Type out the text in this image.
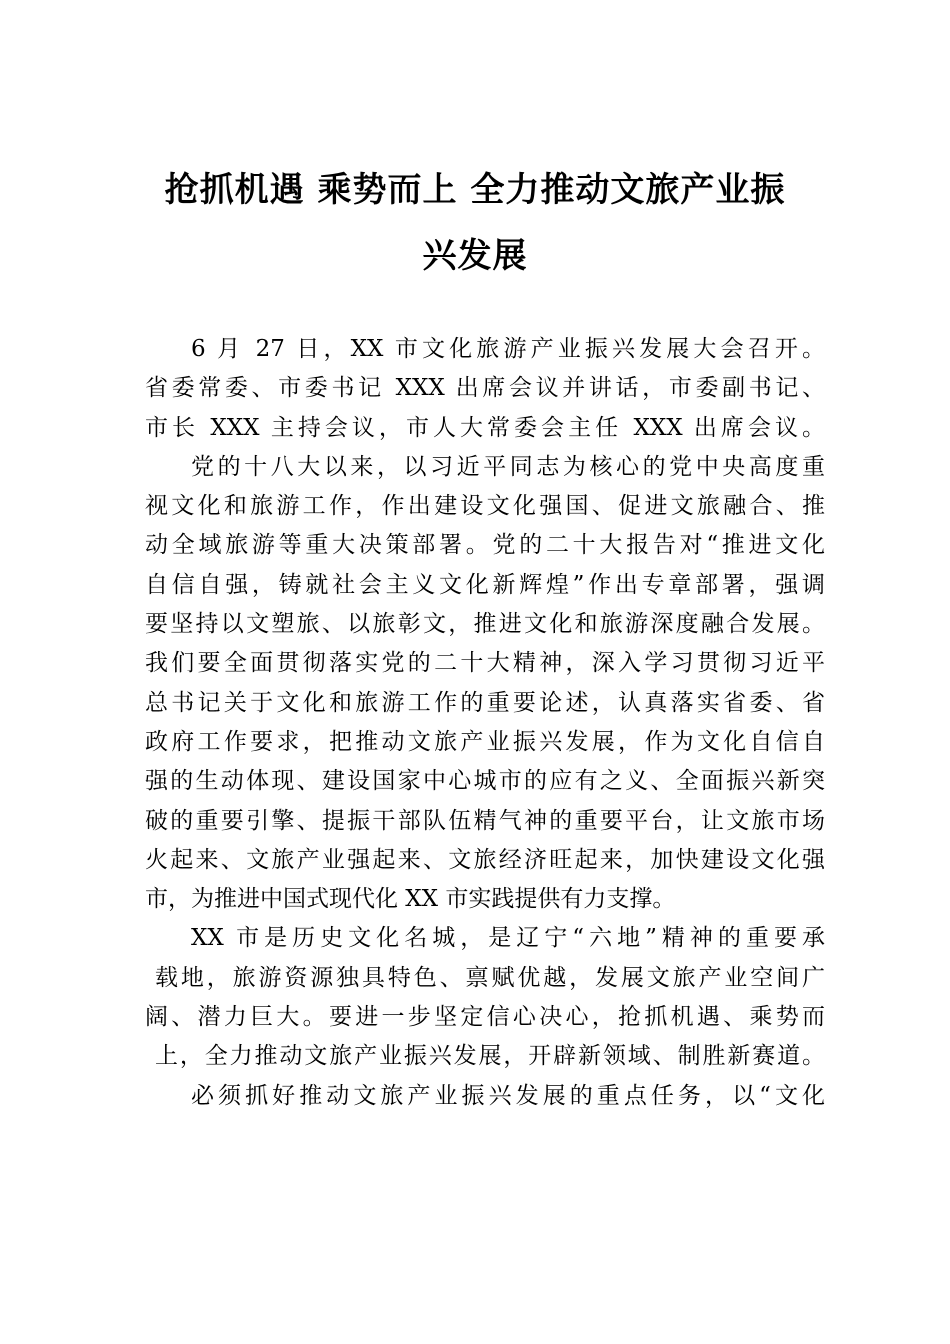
抢抓机遇 乘势而上 全力推动文旅产业振
兴发展
6 月 27 日，XX 市文化旅游产业振兴发展大会召开。
省委常委、市委书记 XXX 出席会议并讲话，市委副书记、
市长 XXX 主持会议，市人大常委会主任 XXX 出席会议。
党的十八大以来，以习近平同志为核心的党中央高度重
视文化和旅游工作，作出建设文化强国、促进文旅融合、推
动全域旅游等重大决策部署。党的二十大报告对“推进文化
自信自强，铸就社会主义文化新辉煌”作出专章部署，强调
要坚持以文塑旅、以旅彰文，推进文化和旅游深度融合发展。
我们要全面贯彻落实党的二十大精神，深入学习贯彻习近平
总书记关于文化和旅游工作的重要论述，认真落实省委、省
政府工作要求，把推动文旅产业振兴发展，作为文化自信自
强的生动体现、建设国家中心城市的应有之义、全面振兴新突
破的重要引擎、提振干部队伍精气神的重要平台，让文旅市场
火起来、文旅产业强起来、文旅经济旺起来，加快建设文化强
市，为推进中国式现代化 XX 市实践提供有力支撑。
XX 市是历史文化名城，是辽宁“六地”精神的重要承
载地，旅游资源独具特色、禀赋优越，发展文旅产业空间广
阔、潜力巨大。要进一步坚定信心决心，抢抓机遇、乘势而
上，全力推动文旅产业振兴发展，开辟新领域、制胜新赛道。
必须抓好推动文旅产业振兴发展的重点任务，以“文化
